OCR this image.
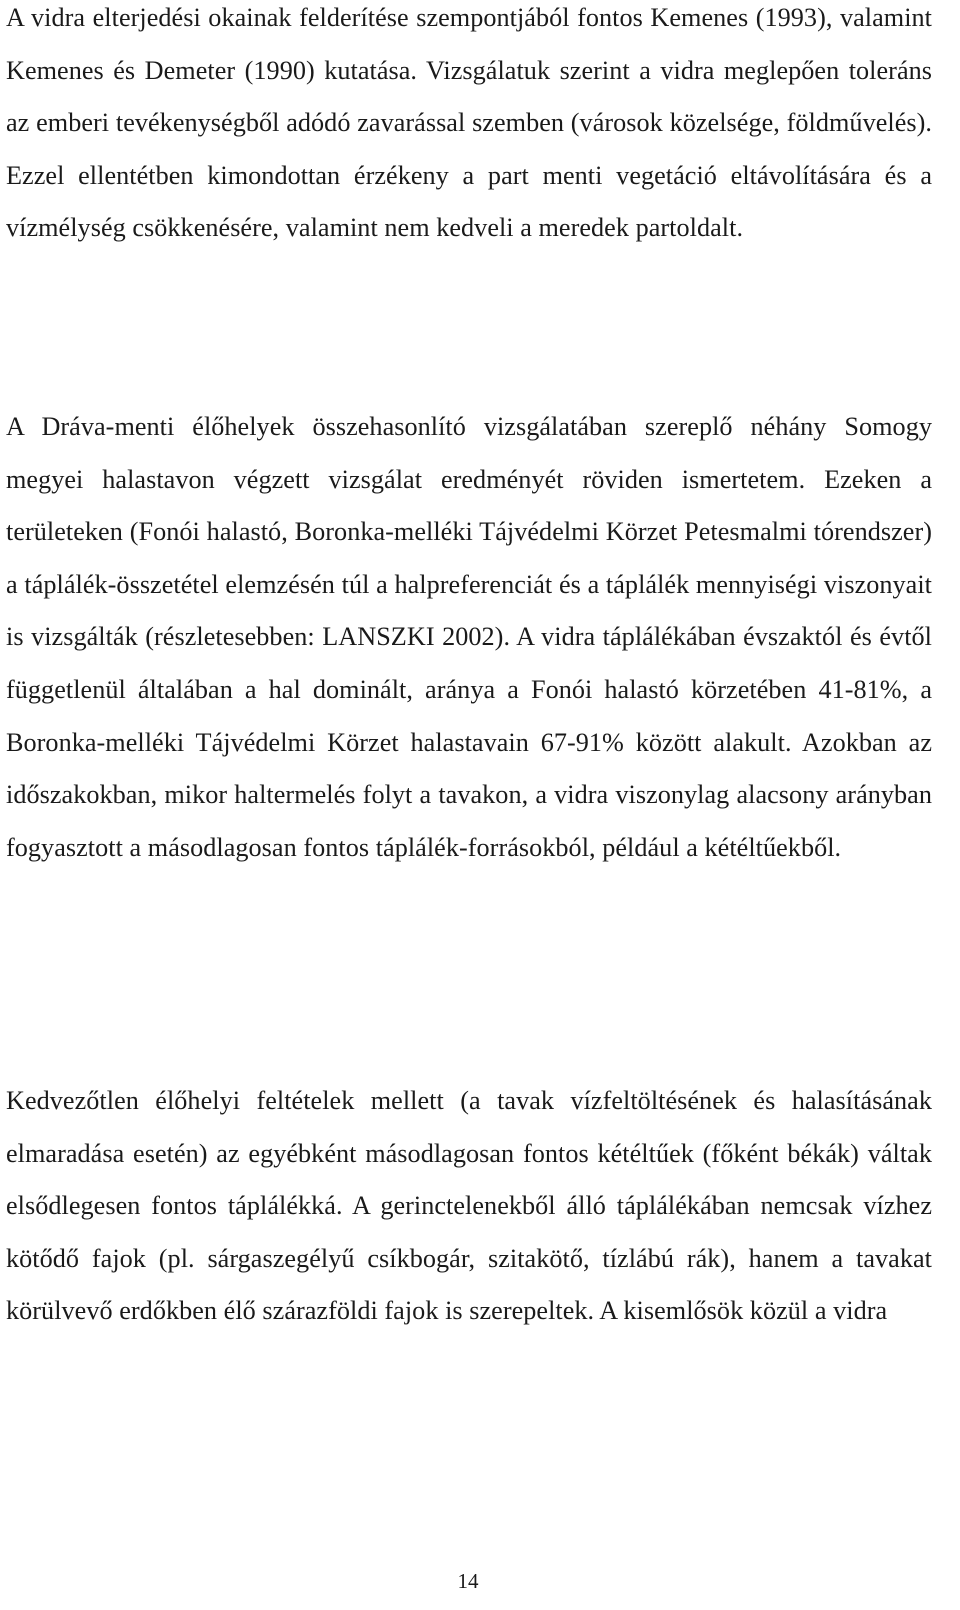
A vidra elterjedési okainak felderítése szempontjából fontos Kemenes (1993), valamint Kemenes és Demeter (1990) kutatása. Vizsgálatuk szerint a vidra meglepően toleráns az emberi tevékenységből adódó zavarással szemben (városok közelsége, földművelés). Ezzel ellentétben kimondottan érzékeny a part menti vegetáció eltávolítására és a vízmélység csökkenésére, valamint nem kedveli a meredek partoldalt.

A Dráva-menti élőhelyek összehasonlító vizsgálatában szereplő néhány Somogy megyei halastavon végzett vizsgálat eredményét röviden ismertetem. Ezeken a területeken (Fonói halastó, Boronka-melléki Tájvédelmi Körzet Petesmalmi tórendszer) a táplálék-összetétel elemzésén túl a halpreferenciát és a táplálék mennyiségi viszonyait is vizsgálták (részletesebben: LANSZKI 2002). A vidra táplálékában évszaktól és évtől függetlenül általában a hal dominált, aránya a Fonói halastó körzetében 41-81%, a Boronka-melléki Tájvédelmi Körzet halastavain 67-91% között alakult. Azokban az időszakokban, mikor haltermelés folyt a tavakon, a vidra viszonylag alacsony arányban fogyasztott a másodlagosan fontos táplálék-forrásokból, például a kétéltűekből.

Kedvezőtlen élőhelyi feltételek mellett (a tavak vízfeltöltésének és halasításának elmaradása esetén) az egyébként másodlagosan fontos kétéltűek (főként békák) váltak elsődlegesen fontos táplálékká. A gerinctelenekből álló táplálékában nemcsak vízhez kötődő fajok (pl. sárgaszegélyű csíkbogár, szitakötő, tízlábú rák), hanem a tavakat körülvevő erdőkben élő szárazföldi fajok is szerepeltek. A kisemlősök közül a vidra

14
